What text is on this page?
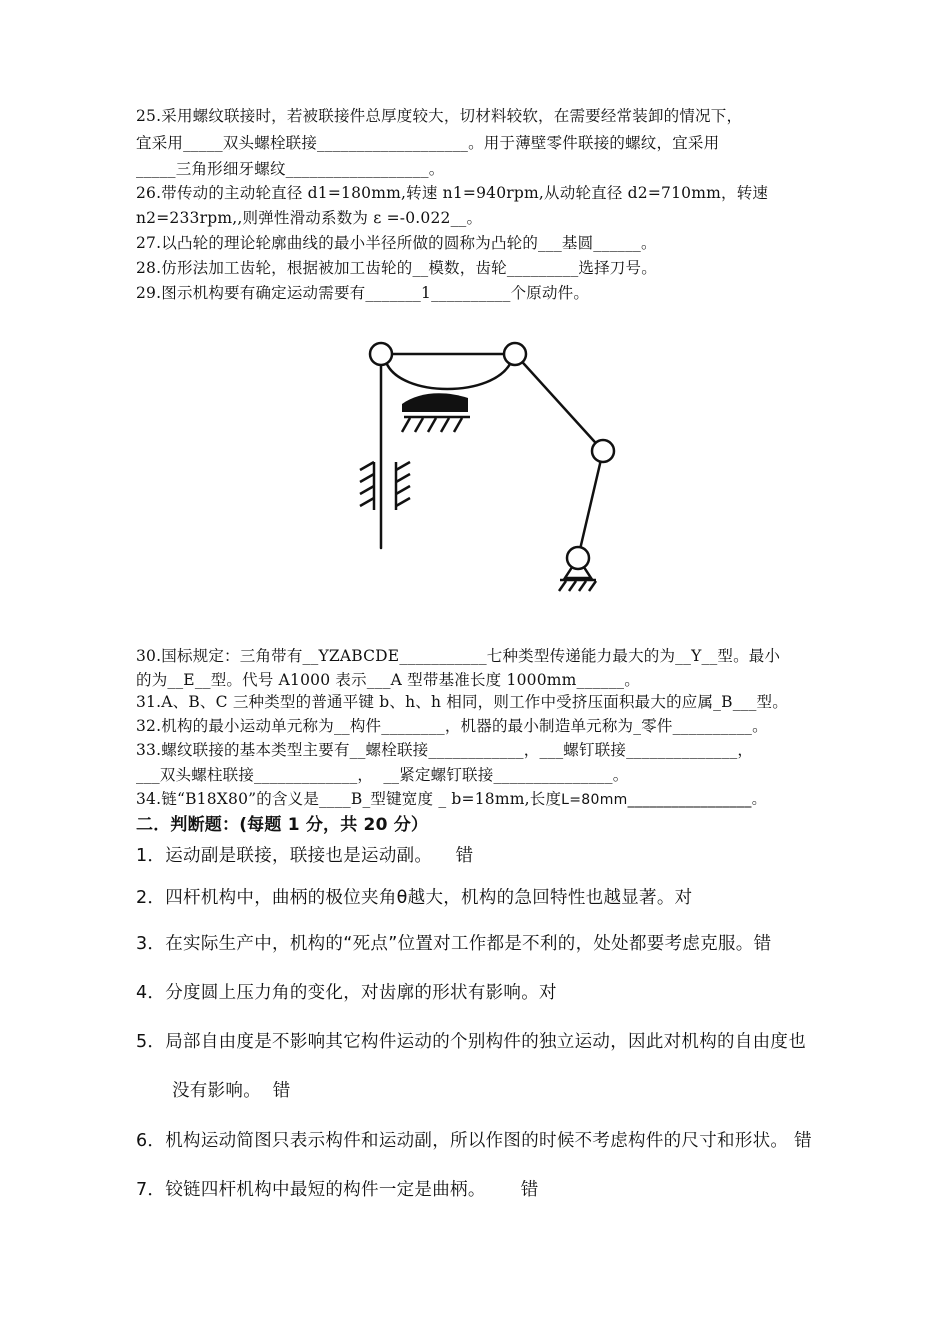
25.采用螺纹联接时，若被联接件总厚度较大，切材料较软，在需要经常装卸的情况下，
宜采用_____双头螺栓联接___________________。用于薄壁零件联接的螺纹，宜采用
_____三角形细牙螺纹__________________。
26.带传动的主动轮直径 d1=180mm,转速 n1=940rpm,从动轮直径 d2=710mm，转速
n2=233rpm,,则弹性滑动系数为 ε =-0.022__。
27.以凸轮的理论轮廓曲线的最小半径所做的圆称为凸轮的___基圆______。
28.仿形法加工齿轮，根据被加工齿轮的__模数，齿轮_________选择刀号。
29.图示机构要有确定运动需要有_______1__________个原动件。
30.国标规定：三角带有__YZABCDE___________七种类型传递能力最大的为__Y__型。最小
的为__E__型。代号 A1000 表示___A 型带基准长度 1000mm______。
31.A、B、C 三种类型的普通平键 b、h、h 相同，则工作中受挤压面积最大的应属_B___型。
32.机构的最小运动单元称为__构件________，机器的最小制造单元称为_零件__________。
33.螺纹联接的基本类型主要有__螺栓联接____________，___螺钉联接______________，
___双头螺柱联接_____________，  __紧定螺钉联接_______________。
34.链“B18X80”的含义是____B_型键宽度 _ b=18mm,长度L=80mm_________________。
二．判断题：(每题 1 分，共 20 分）
1．运动副是联接，联接也是运动副。    错
2．四杆机构中，曲柄的极位夹角θ越大，机构的急回特性也越显著。对
3．在实际生产中，机构的“死点”位置对工作都是不利的，处处都要考虑克服。错
4．分度圆上压力角的变化，对齿廓的形状有影响。对
5．局部自由度是不影响其它构件运动的个别构件的独立运动，因此对机构的自由度也
没有影响。  错
6．机构运动简图只表示构件和运动副，所以作图的时候不考虑构件的尺寸和形状。 错
7．铰链四杆机构中最短的构件一定是曲柄。      错
